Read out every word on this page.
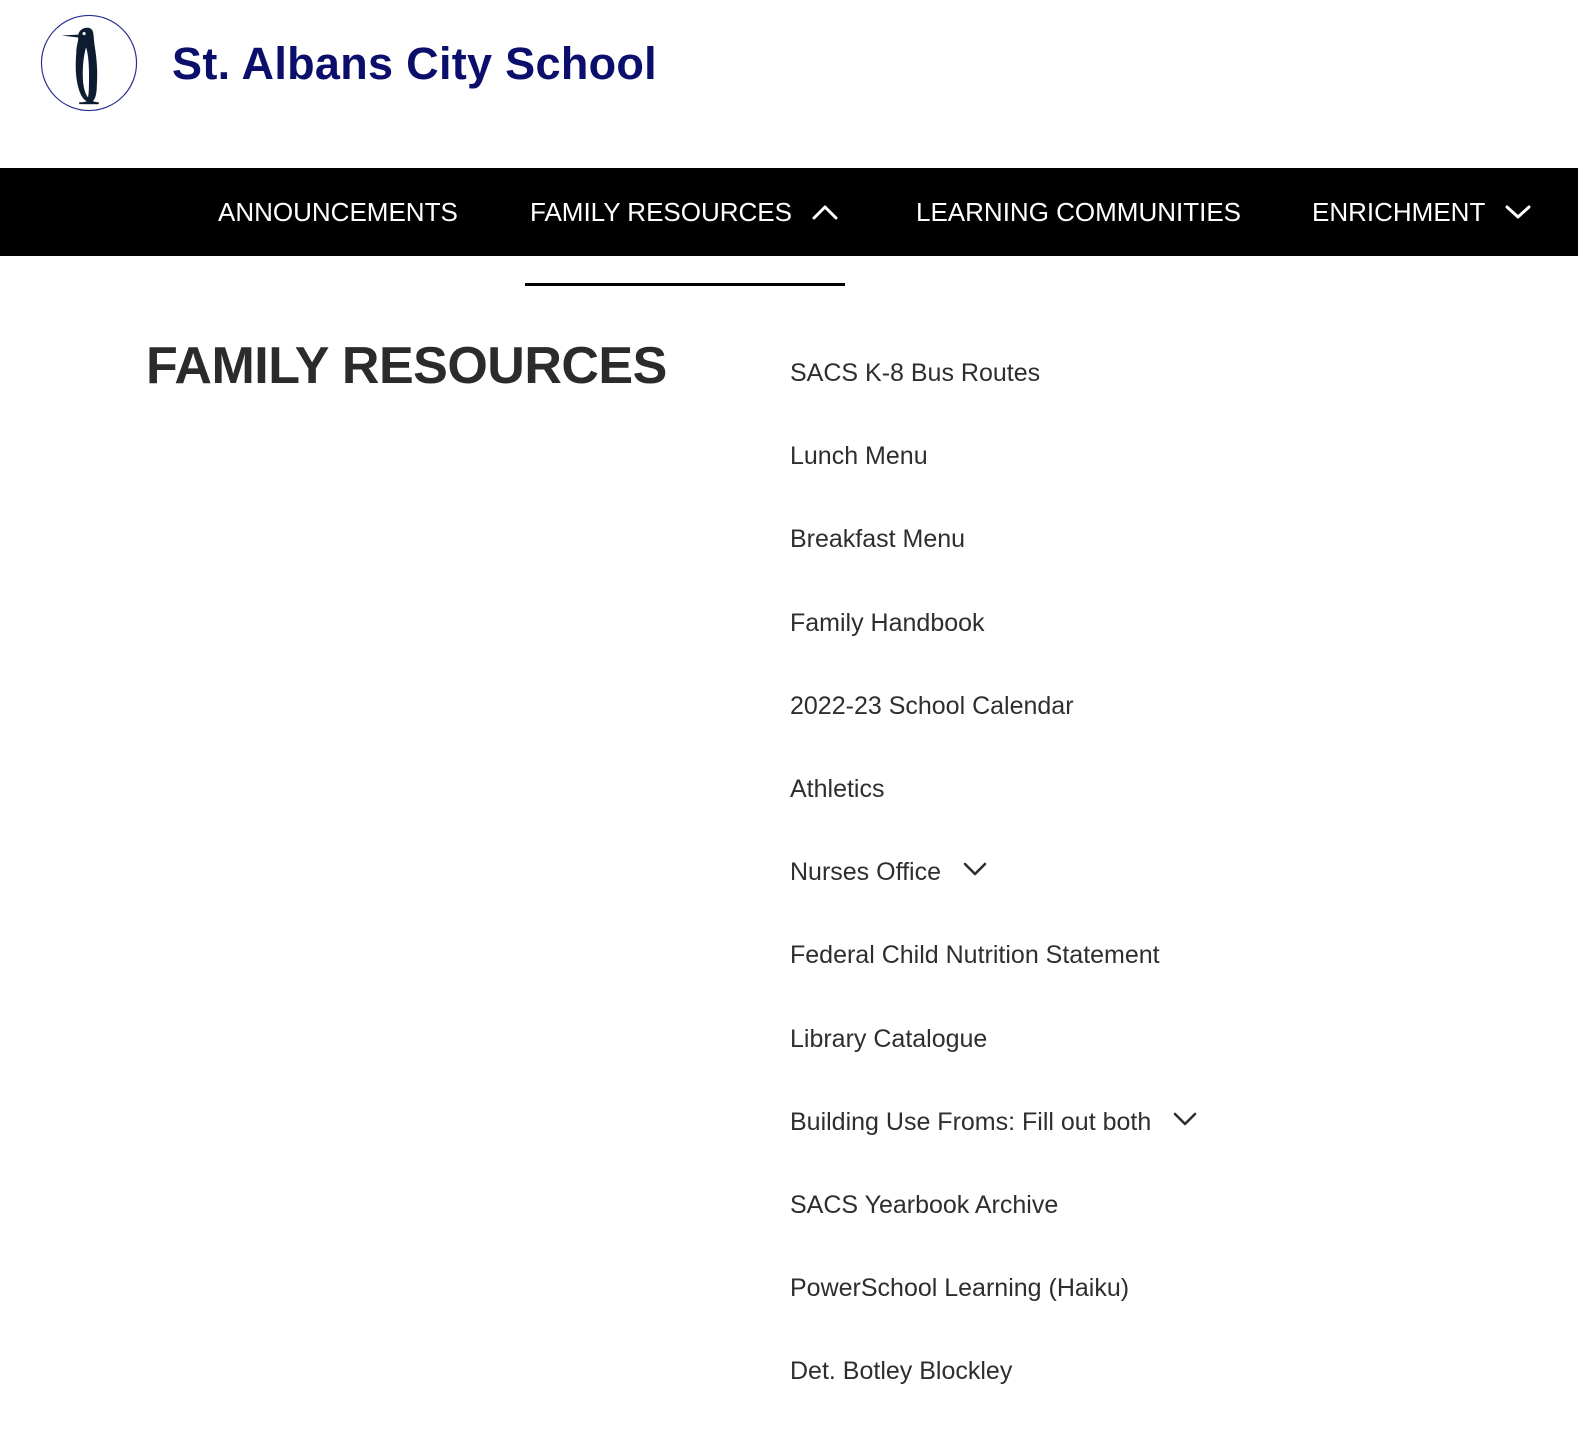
St. Albans City School
ANNOUNCEMENTS	FAMILY RESOURCES	LEARNING COMMUNITIES	ENRICHMENT
FAMILY RESOURCES	SACS K-8 Bus Routes
Lunch Menu
Breakfast Menu
Family Handbook
2022-23 School Calendar
Athletics
Nurses Office
Federal Child Nutrition Statement
Library Catalogue
Building Use Froms: Fill out both
SACS Yearbook Archive
PowerSchool Learning (Haiku)
Det. Botley Blockley
